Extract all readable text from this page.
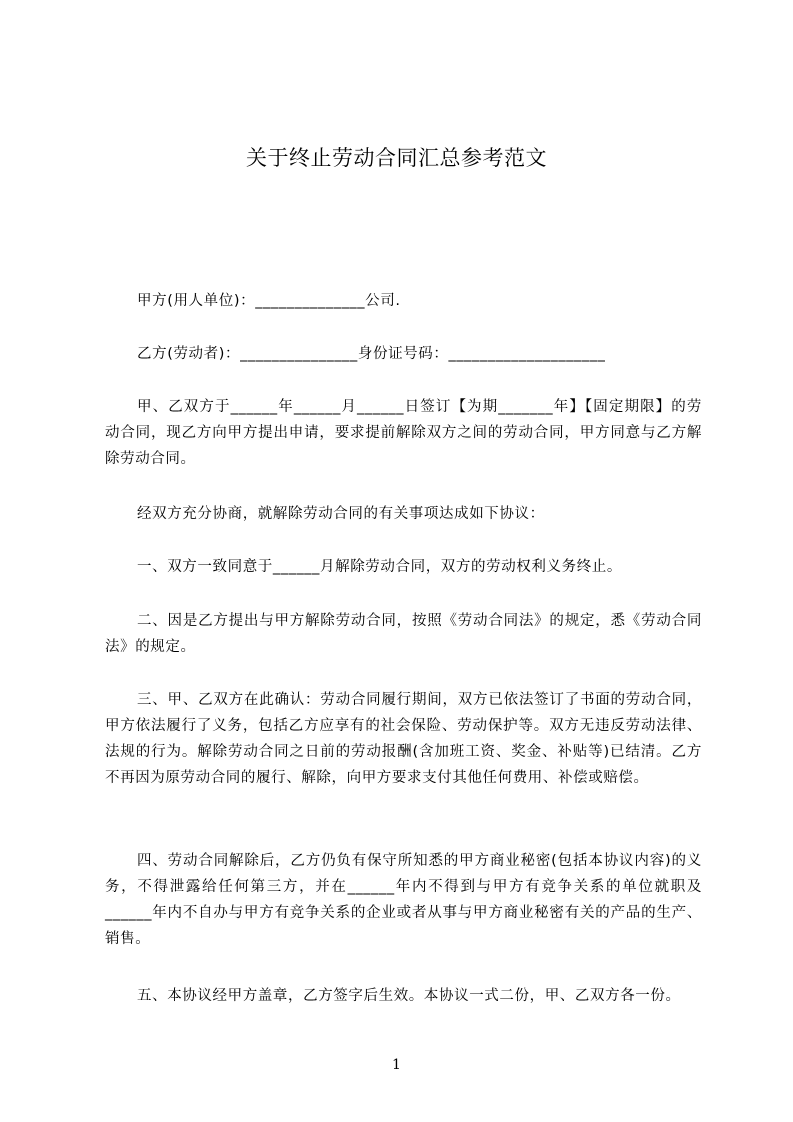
关于终止劳动合同汇总参考范文

甲方(用人单位)：______________公司.

乙方(劳动者)：_______________身份证号码：____________________

甲、乙双方于______年______月______日签订【为期_______年】【固定期限】的劳动合同，现乙方向甲方提出申请，要求提前解除双方之间的劳动合同，甲方同意与乙方解除劳动合同。

经双方充分协商，就解除劳动合同的有关事项达成如下协议：

一、双方一致同意于______月解除劳动合同，双方的劳动权利义务终止。

二、因是乙方提出与甲方解除劳动合同，按照《劳动合同法》的规定，悉《劳动合同法》的规定。

三、甲、乙双方在此确认：劳动合同履行期间，双方已依法签订了书面的劳动合同，甲方依法履行了义务，包括乙方应享有的社会保险、劳动保护等。双方无违反劳动法律、法规的行为。解除劳动合同之日前的劳动报酬(含加班工资、奖金、补贴等)已结清。乙方不再因为原劳动合同的履行、解除，向甲方要求支付其他任何费用、补偿或赔偿。

四、劳动合同解除后，乙方仍负有保守所知悉的甲方商业秘密(包括本协议内容)的义务，不得泄露给任何第三方，并在______年内不得到与甲方有竞争关系的单位就职及______年内不自办与甲方有竞争关系的企业或者从事与甲方商业秘密有关的产品的生产、销售。

五、本协议经甲方盖章，乙方签字后生效。本协议一式二份，甲、乙双方各一份。

1
